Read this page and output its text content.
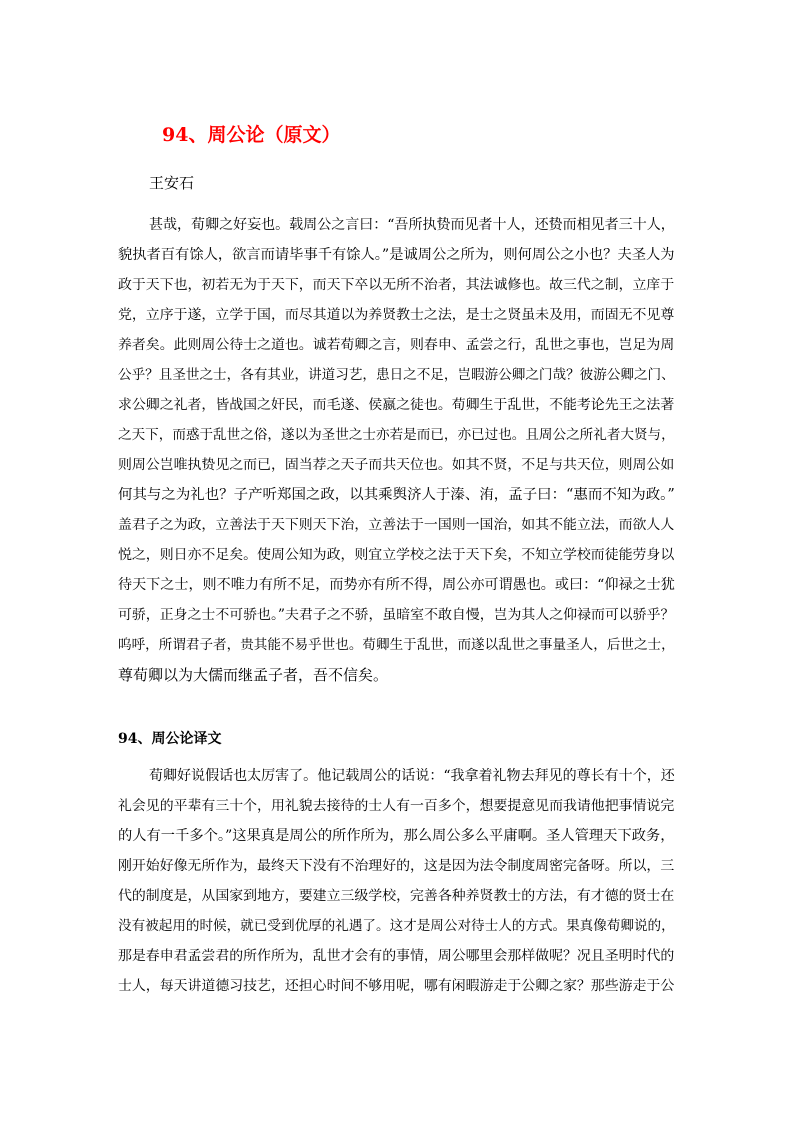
94、周公论（原文）

王安石

甚哉，荀卿之好妄也。载周公之言曰：“吾所执贽而见者十人，还贽而相见者三十人，

貌执者百有馀人，欲言而请毕事千有馀人。”是诚周公之所为，则何周公之小也？夫圣人为

政于天下也，初若无为于天下，而天下卒以无所不治者，其法诚修也。故三代之制，立庠于

党，立序于遂，立学于国，而尽其道以为养贤教士之法，是士之贤虽未及用，而固无不见尊

养者矣。此则周公待士之道也。诚若荀卿之言，则春申、孟尝之行，乱世之事也，岂足为周

公乎？且圣世之士，各有其业，讲道习艺，患日之不足，岂暇游公卿之门哉？彼游公卿之门、

求公卿之礼者，皆战国之奸民，而毛遂、侯嬴之徒也。荀卿生于乱世，不能考论先王之法著

之天下，而惑于乱世之俗，遂以为圣世之士亦若是而已，亦已过也。且周公之所礼者大贤与，

则周公岂唯执贽见之而已，固当荐之天子而共天位也。如其不贤，不足与共天位，则周公如

何其与之为礼也？子产听郑国之政，以其乘舆济人于溱、洧，孟子曰：“惠而不知为政。”

盖君子之为政，立善法于天下则天下治，立善法于一国则一国治，如其不能立法，而欲人人

悦之，则日亦不足矣。使周公知为政，则宜立学校之法于天下矣，不知立学校而徒能劳身以

待天下之士，则不唯力有所不足，而势亦有所不得，周公亦可谓愚也。或曰：“仰禄之士犹

可骄，正身之士不可骄也。”夫君子之不骄，虽暗室不敢自慢，岂为其人之仰禄而可以骄乎？

呜呼，所谓君子者，贵其能不易乎世也。荀卿生于乱世，而遂以乱世之事量圣人，后世之士，

尊荀卿以为大儒而继孟子者，吾不信矣。

94、周公论译文

荀卿好说假话也太厉害了。他记载周公的话说：“我拿着礼物去拜见的尊长有十个，还

礼会见的平辈有三十个，用礼貌去接待的士人有一百多个，想要提意见而我请他把事情说完

的人有一千多个。”这果真是周公的所作所为，那么周公多么平庸啊。圣人管理天下政务，

刚开始好像无所作为，最终天下没有不治理好的，这是因为法令制度周密完备呀。所以，三

代的制度是，从国家到地方，要建立三级学校，完善各种养贤教士的方法，有才德的贤士在

没有被起用的时候，就已受到优厚的礼遇了。这才是周公对待士人的方式。果真像荀卿说的，

那是春申君孟尝君的所作所为，乱世才会有的事情，周公哪里会那样做呢？况且圣明时代的

士人，每天讲道德习技艺，还担心时间不够用呢，哪有闲暇游走于公卿之家？那些游走于公
